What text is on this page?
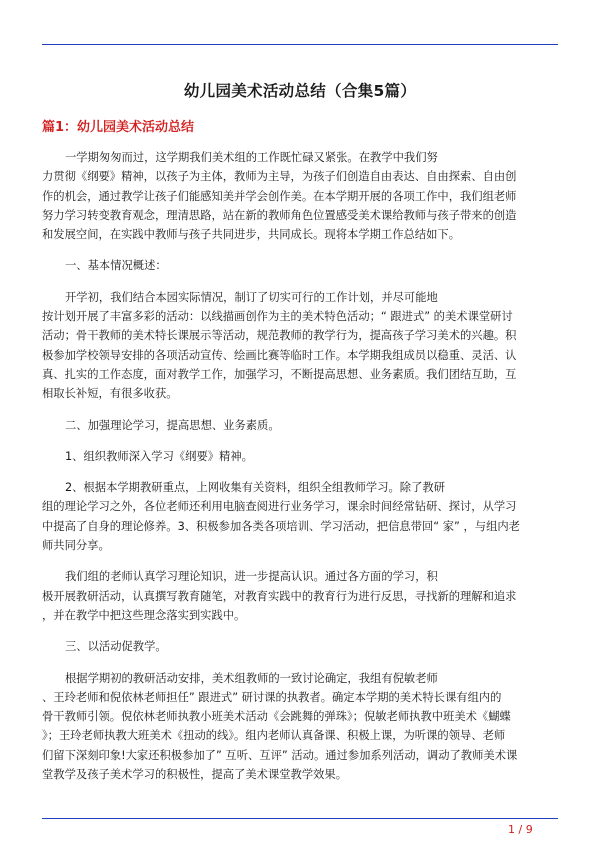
幼儿园美术活动总结（合集5篇）
篇1：幼儿园美术活动总结
一学期匆匆而过，这学期我们美术组的工作既忙碌又紧张。在教学中我们努
力贯彻《纲要》精神，以孩子为主体，教师为主导，为孩子们创造自由表达、自由探索、自由创
作的机会，通过教学让孩子们能感知美并学会创作美。在本学期开展的各项工作中，我们组老师
努力学习转变教育观念，理清思路，站在新的教师角色位置感受美术课给教师与孩子带来的创造
和发展空间，在实践中教师与孩子共同进步，共同成长。现将本学期工作总结如下。
一、基本情况概述：
开学初，我们结合本园实际情况，制订了切实可行的工作计划，并尽可能地
按计划开展了丰富多彩的活动：以线描画创作为主的美术特色活动；“ 跟进式” 的美术课堂研讨
活动；骨干教师的美术特长课展示等活动，规范教师的教学行为，提高孩子学习美术的兴趣。积
极参加学校领导安排的各项活动宣传、绘画比赛等临时工作。本学期我组成员以稳重、灵活、认
真、扎实的工作态度，面对教学工作，加强学习，不断提高思想、业务素质。我们团结互助，互
相取长补短，有很多收获。
二、加强理论学习，提高思想、业务素质。
1、组织教师深入学习《纲要》精神。
2、根据本学期教研重点，上网收集有关资料，组织全组教师学习。除了教研
组的理论学习之外，各位老师还利用电脑查阅进行业务学习，课余时间经常钻研、探讨，从学习
中提高了自身的理论修养。3、积极参加各类各项培训、学习活动，把信息带回“ 家” ，与组内老
师共同分享。
我们组的老师认真学习理论知识，进一步提高认识。通过各方面的学习，积
极开展教研活动，认真撰写教育随笔，对教育实践中的教育行为进行反思，寻找新的理解和追求
，并在教学中把这些理念落实到实践中。
三、以活动促教学。
根据学期初的教研活动安排，美术组教师的一致讨论确定，我组有倪敏老师
、王玲老师和倪依林老师担任” 跟进式” 研讨课的执教者。确定本学期的美术特长课有组内的
骨干教师引领。倪依林老师执教小班美术活动《会跳舞的弹珠》；倪敏老师执教中班美术《蝴蝶
》；王玲老师执教大班美术《扭动的线》。组内老师认真备课、积极上课，为听课的领导、老师
们留下深刻印象!大家还积极参加了” 互听、互评” 活动。通过参加系列活动，调动了教师美术课
堂教学及孩子美术学习的积极性，提高了美术课堂教学效果。
1 / 9
